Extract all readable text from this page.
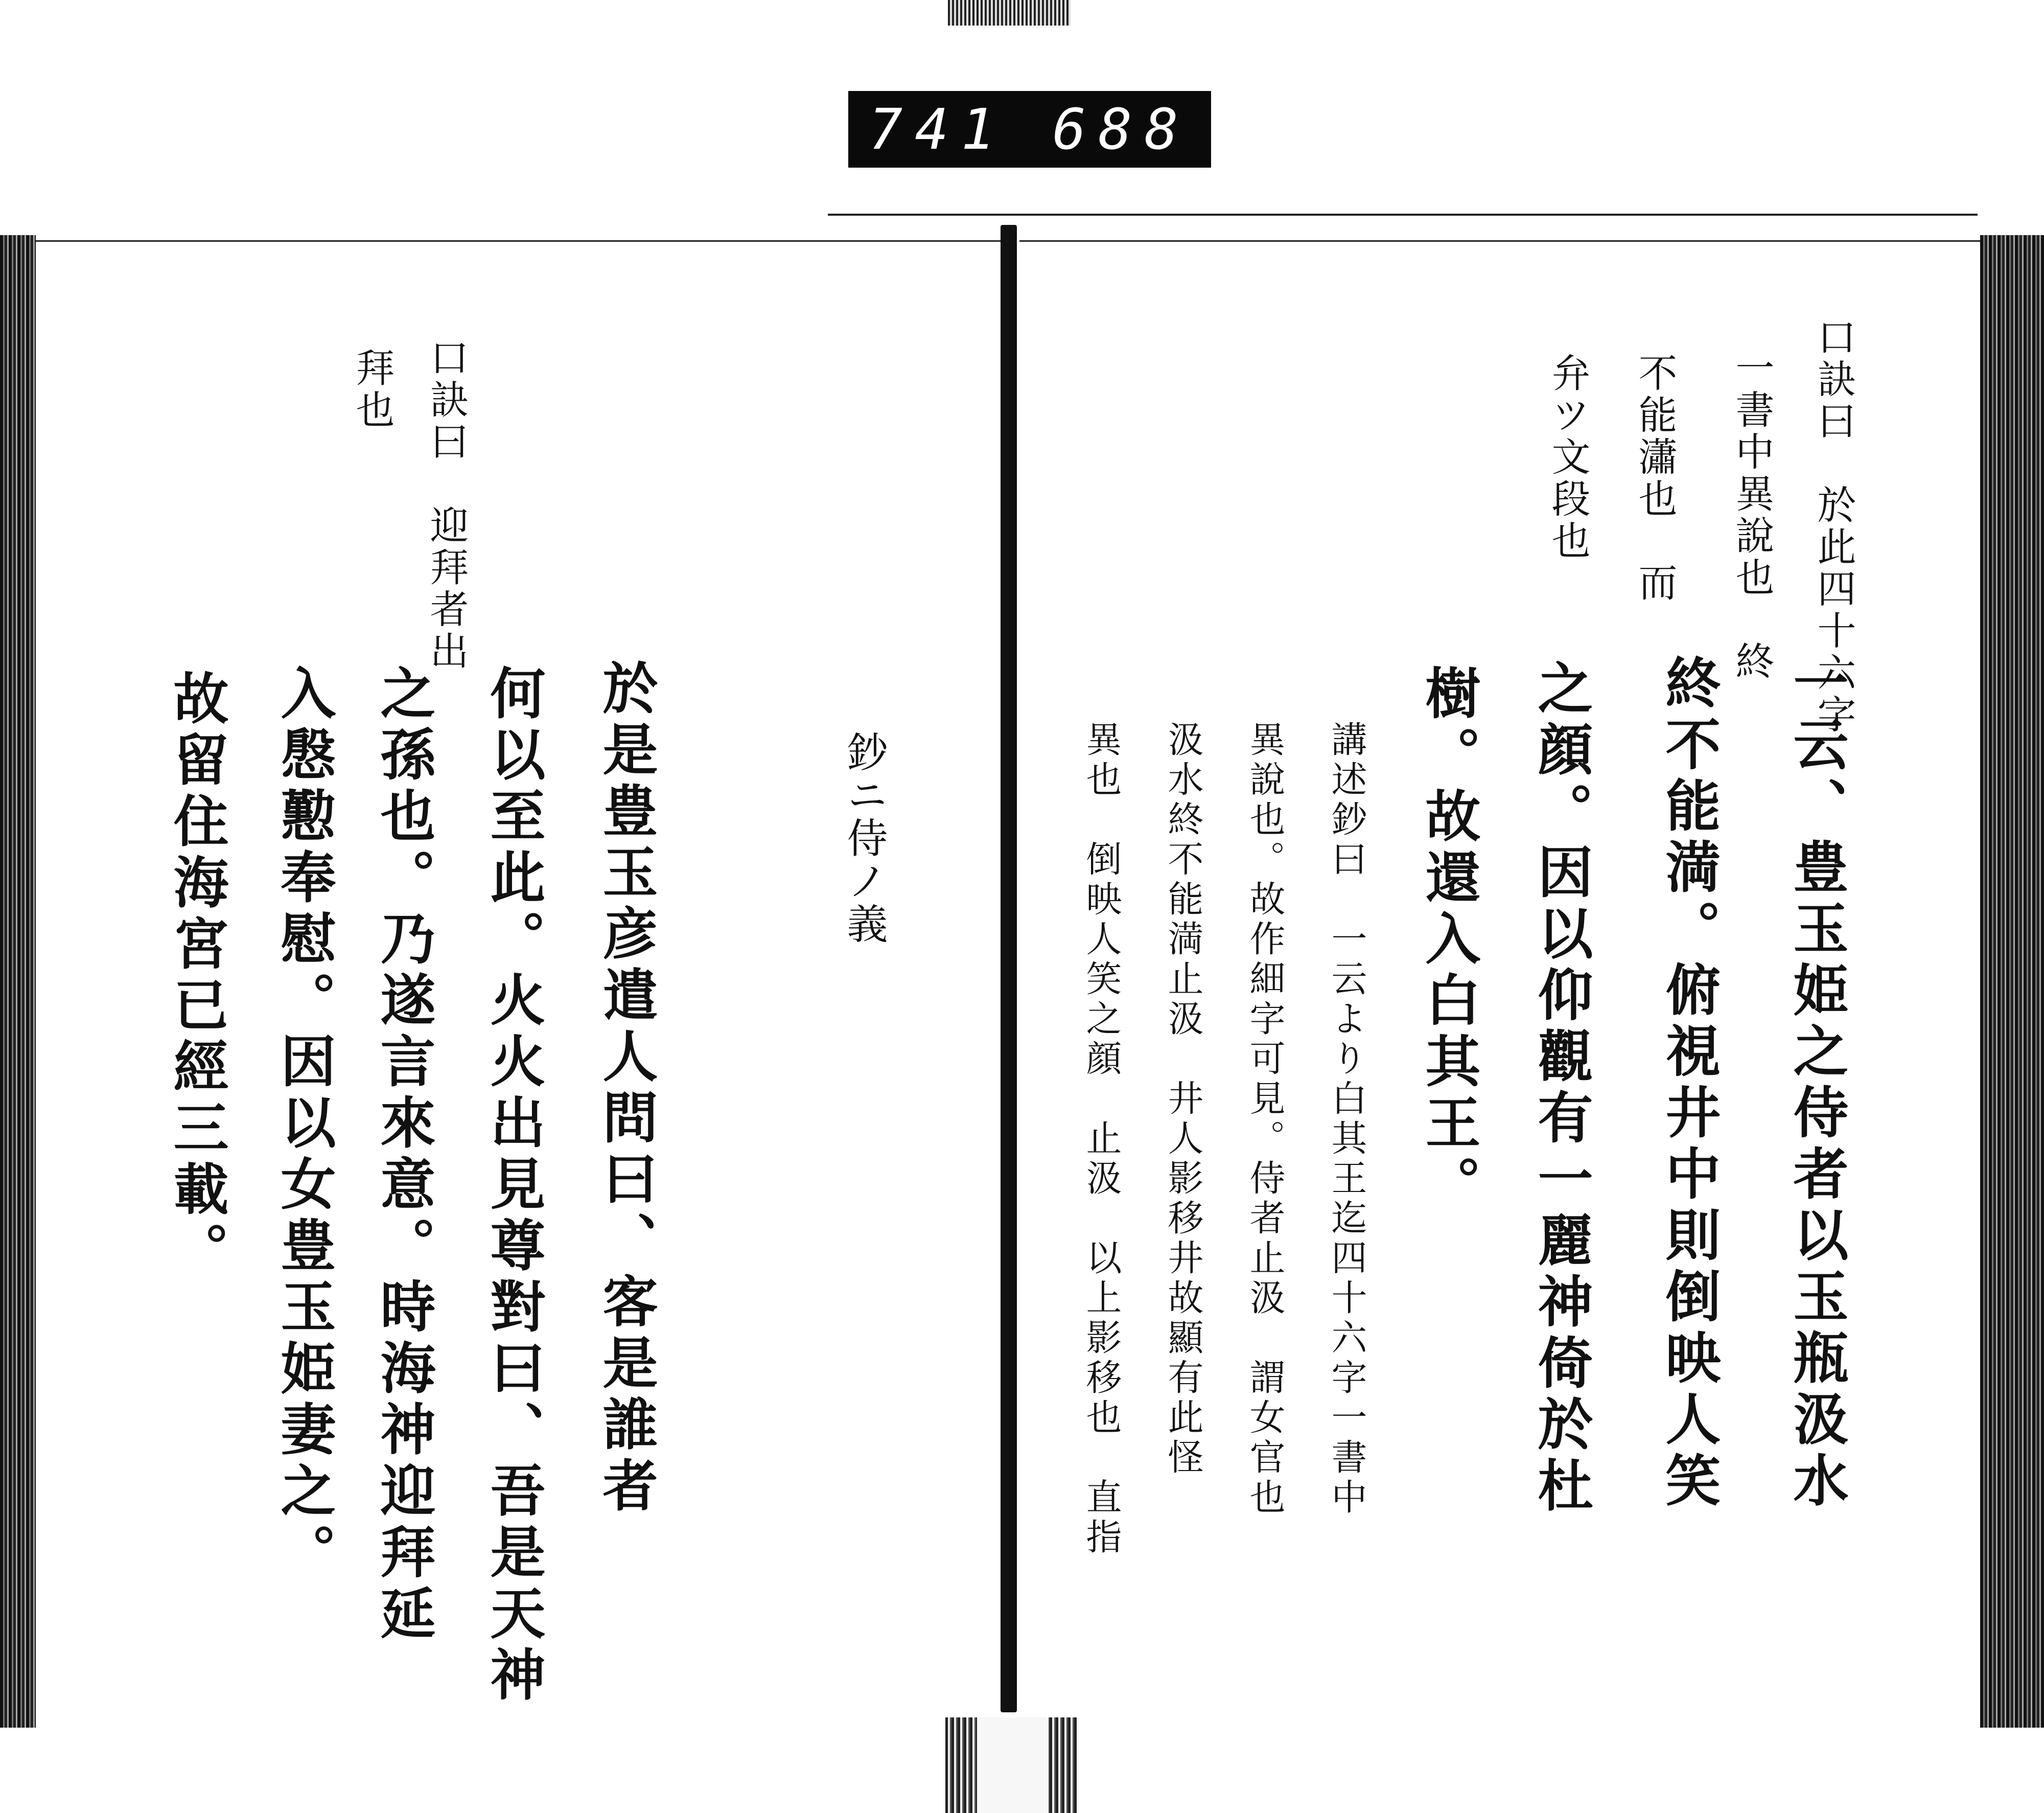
741 688
口訣曰　於此四十六字
一書中異說也　終
不能瀟也　而
弁ツ文段也
一云、豊玉姫之侍者以玉瓶汲水
終不能満。俯視井中則倒映人笑
之顔。因以仰觀有一麗神倚於杜
樹。故還入白其王。
講述鈔曰　一云より白其王迄四十六字一書中
異說也。故作細字可見。侍者止汲　謂女官也
汲水終不能満止汲　井人影移井故顯有此怪
異也　倒映人笑之顔　止汲　以上影移也　直指
鈔ニ侍ノ義
口訣曰　迎拜者出
拜也
於是豊玉彦遣人問曰、客是誰者
何以至此。火火出見尊對曰、吾是天神
之孫也。乃遂言來意。時海神迎拜延
入慇懃奉慰。因以女豊玉姫妻之。
故留住海宮已經三載。
